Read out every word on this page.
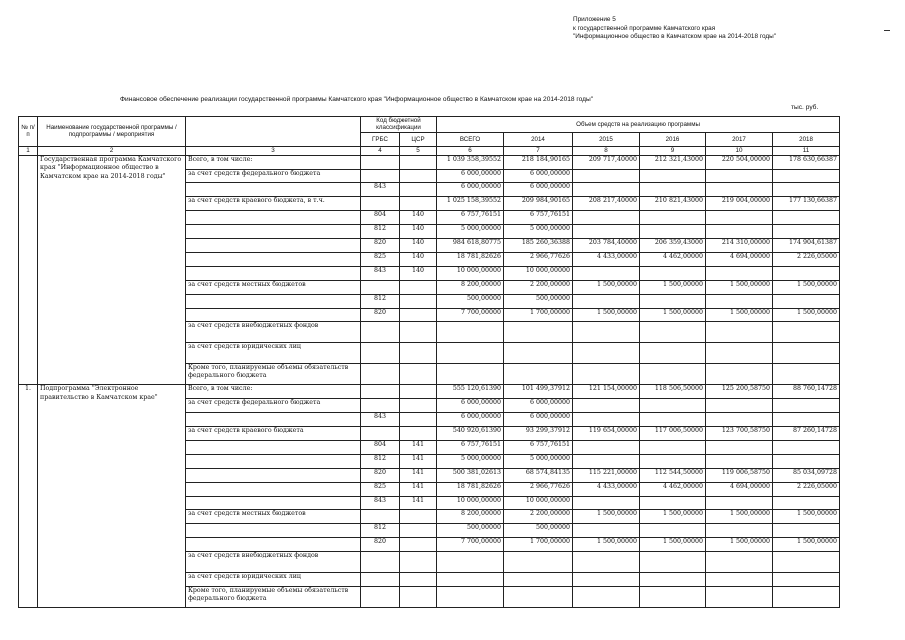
Приложение 5
к государственной программе Камчатского края
"Информационное общество в Камчатском крае на 2014-2018 годы"
Финансовое обеспечение реализации государственной программы Камчатского края "Информационное общество в Камчатском крае на 2014-2018 годы"
тыс. руб.
№ п/п	Наименование государственной программы / подпрограммы / мероприятия		Код бюджетной классификации		Объем средств на реализацию программы					
			ГРБС	ЦСР	ВСЕГО	2014	2015	2016	2017	2018
1	2	3	4	5	6	7	8	9	10	11
	Государственная программа Камчатского края "Информационное общество в Камчатском крае на 2014-2018 годы"	Всего, в том числе:			1 039 358,39552	218 184,90165	209 717,40000	212 321,43000	220 504,00000	178 630,66387
		за счет средств федерального бюджета			6 000,00000	6 000,00000				
			843		6 000,00000	6 000,00000				
		за счет средств краевого бюджета, в т.ч.			1 025 158,39552	209 984,90165	208 217,40000	210 821,43000	219 004,00000	177 130,66387
			804	140	6 757,76151	6 757,76151				
			812	140	5 000,00000	5 000,00000				
			820	140	984 618,80775	185 260,36388	203 784,40000	206 359,43000	214 310,00000	174 904,61387
			825	140	18 781,82626	2 966,77626	4 433,00000	4 462,00000	4 694,00000	2 226,05000
			843	140	10 000,00000	10 000,00000				
		за счет средств местных бюджетов			8 200,00000	2 200,00000	1 500,00000	1 500,00000	1 500,00000	1 500,00000
			812		500,00000	500,00000				
			820		7 700,00000	1 700,00000	1 500,00000	1 500,00000	1 500,00000	1 500,00000
		за счет средств внебюджетных фондов								
		за счет средств юридических лиц								
		Кроме того, планируемые объемы обязательств федерального бюджета								
1.	Подпрограмма "Электронное правительство в Камчатском крае"	Всего, в том числе:			555 120,61390	101 499,37912	121 154,00000	118 506,50000	125 200,58750	88 760,14728
		за счет средств федерального бюджета			6 000,00000	6 000,00000				
			843		6 000,00000	6 000,00000				
		за счет средств краевого бюджета			540 920,61390	93 299,37912	119 654,00000	117 006,50000	123 700,58750	87 260,14728
			804	141	6 757,76151	6 757,76151				
			812	141	5 000,00000	5 000,00000				
			820	141	500 381,02613	68 574,84135	115 221,00000	112 544,50000	119 006,58750	85 034,09728
			825	141	18 781,82626	2 966,77626	4 433,00000	4 462,00000	4 694,00000	2 226,05000
			843	141	10 000,00000	10 000,00000				
		за счет средств местных бюджетов			8 200,00000	2 200,00000	1 500,00000	1 500,00000	1 500,00000	1 500,00000
			812		500,00000	500,00000				
			820		7 700,00000	1 700,00000	1 500,00000	1 500,00000	1 500,00000	1 500,00000
		за счет средств внебюджетных фондов								
		за счет средств юридических лиц								
		Кроме того, планируемые объемы обязательств федерального бюджета								
